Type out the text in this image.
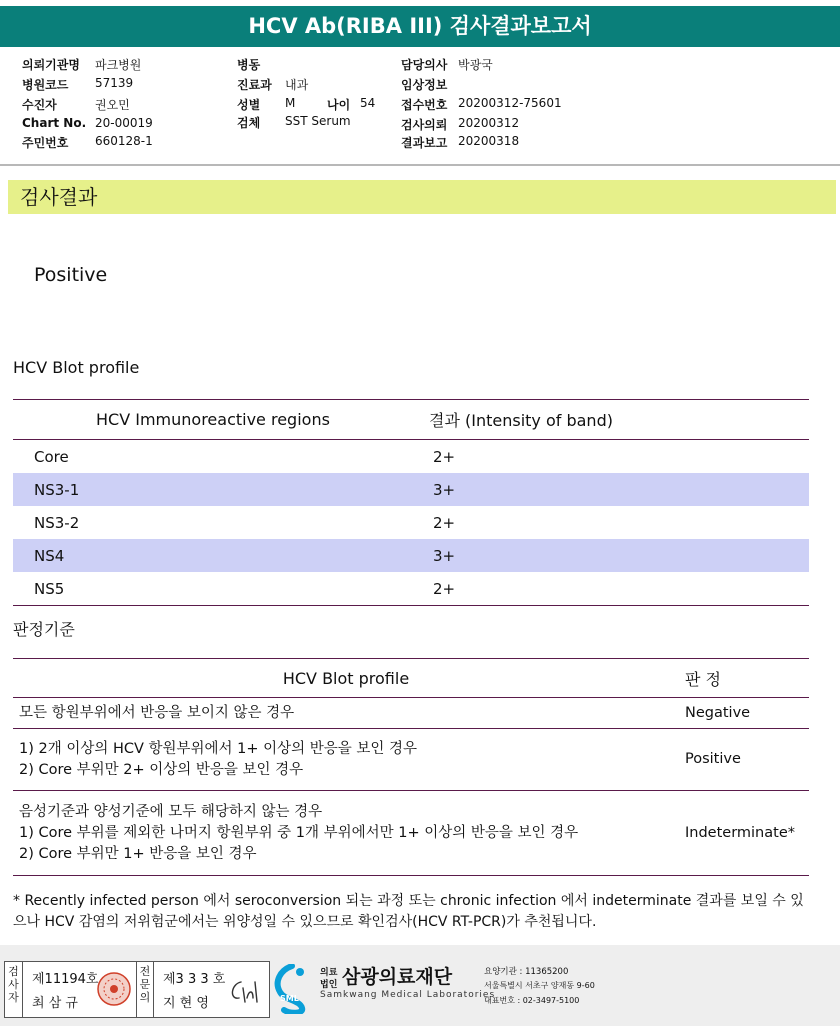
HCV Ab(RIBA III) 검사결과보고서
의뢰기관명 파크병원
병원코드 57139
수진자	권오민
Chart No. 20-00019
주민번호 660128-1
병동
진료과 내과
성별 M	나이 54
검체 SST Serum
담당의사 박광국
임상정보
접수번호 20200312-75601
검사의뢰 20200312
결과보고 20200318
검사결과
Positive
HCV Blot profile
HCV Immunoreactive regions	결과 (Intensity of band)
Core	2+
NS3-1	3+
NS3-2	2+
NS4	3+
NS5	2+
판정기준
HCV Blot profile	판 정

모든 항원부위에서 반응을 보이지 않은 경우	Negative

1) 2개 이상의 HCV 항원부위에서 1+ 이상의 반응을 보인 경우
2) Core 부위만 2+ 이상의 반응을 보인 경우	Positive

음성기준과 양성기준에 모두 해당하지 않는 경우
1) Core 부위를 제외한 나머지 항원부위 중 1개 부위에서만 1+ 이상의 반응을 보인 경우
2) Core 부위만 1+ 반응을 보인 경우	Indeterminate*
* Recently infected person 에서 seroconversion 되는 과정 또는 chronic infection 에서 indeterminate 결과를 보일 수 있으나 HCV 감염의 저위험군에서는 위양성일 수 있으므로 확인검사(HCV RT-PCR)가 추천됩니다.
검사자
제11194호
최 삼 규
전문의
제3 3 3 호
지 현 영	SML
의료
법인 삼광의료재단
Samkwang Medical Laboratories
요양기관 : 11365200
서울특별시 서초구 양재동 9-60
대표번호 : 02-3497-5100
